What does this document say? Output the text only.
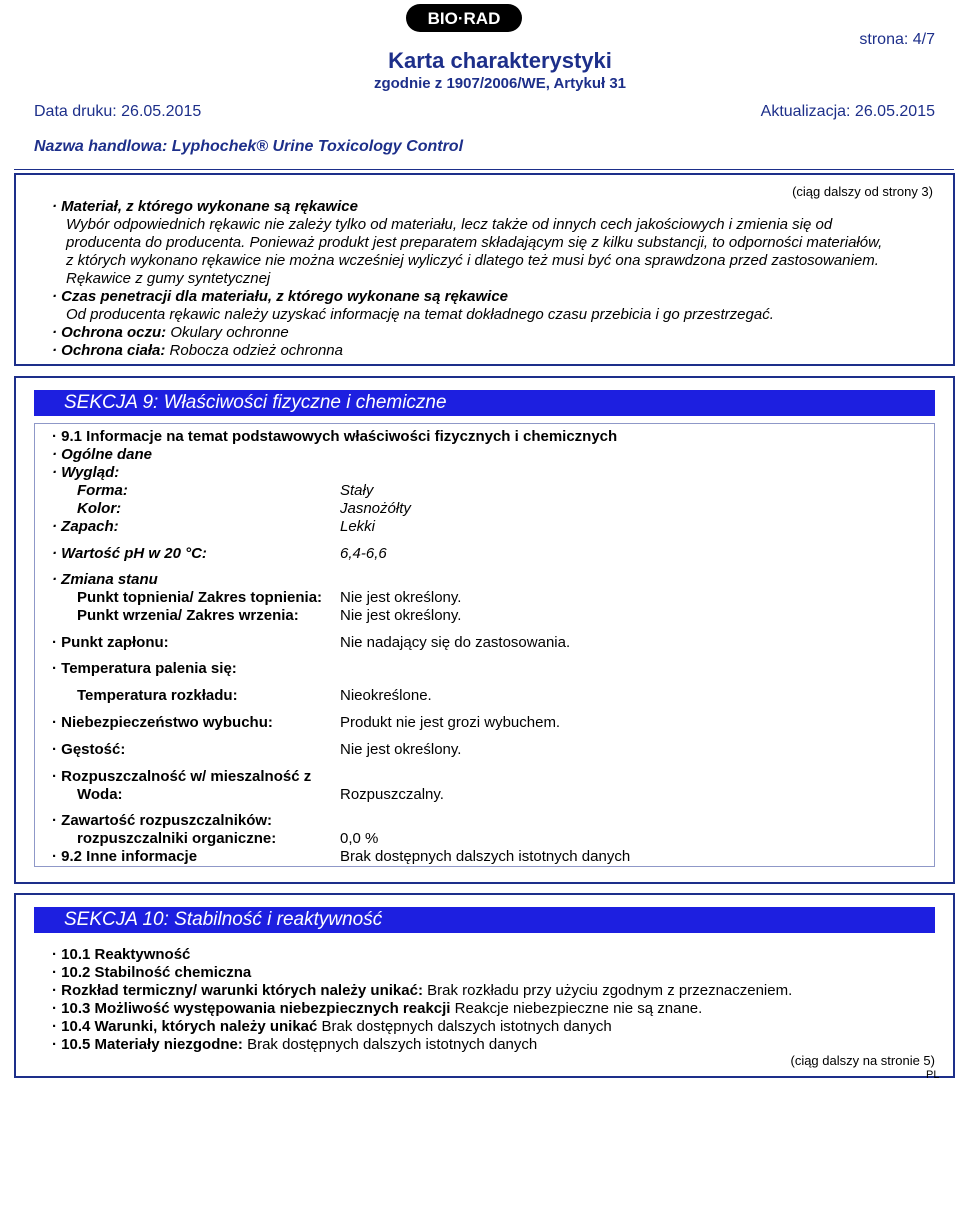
BIO·RAD
strona: 4/7
Karta charakterystyki
zgodnie z 1907/2006/WE, Artykuł 31
Data druku: 26.05.2015	Aktualizacja: 26.05.2015
Nazwa handlowa: Lyphochek® Urine Toxicology Control
(ciąg dalszy od strony 3)
· Materiał, z którego wykonane są rękawice
Wybór odpowiednich rękawic nie zależy tylko od materiału, lecz także od innych cech jakościowych i zmienia się od
producenta do producenta. Ponieważ produkt jest preparatem składającym się z kilku substancji, to odporności materiałów,
z których wykonano rękawice nie można wcześniej wyliczyć i dlatego też musi być ona sprawdzona przed zastosowaniem.
Rękawice z gumy syntetycznej
· Czas penetracji dla materiału, z którego wykonane są rękawice
Od producenta rękawic należy uzyskać informację na temat dokładnego czasu przebicia i go przestrzegać.
· Ochrona oczu: Okulary ochronne
· Ochrona ciała: Robocza odzież ochronna
SEKCJA 9: Właściwości fizyczne i chemiczne
· 9.1 Informacje na temat podstawowych właściwości fizycznych i chemicznych
· Ogólne dane
· Wygląd:
Forma:	Stały
Kolor:	Jasnożółty
· Zapach:	Lekki
· Wartość pH w 20 °C:	6,4-6,6
· Zmiana stanu
Punkt topnienia/ Zakres topnienia: Nie jest określony.
Punkt wrzenia/ Zakres wrzenia:	Nie jest określony.
· Punkt zapłonu:	Nie nadający się do zastosowania.
· Temperatura palenia się:
Temperatura rozkładu:	Nieokreślone.
· Niebezpieczeństwo wybuchu:	Produkt nie jest grozi wybuchem.
· Gęstość:	Nie jest określony.
· Rozpuszczalność w/ mieszalność z
Woda:	Rozpuszczalny.
· Zawartość rozpuszczalników:
rozpuszczalniki organiczne:	0,0 %
· 9.2 Inne informacje	Brak dostępnych dalszych istotnych danych
SEKCJA 10: Stabilność i reaktywność
· 10.1 Reaktywność
· 10.2 Stabilność chemiczna
· Rozkład termiczny/ warunki których należy unikać: Brak rozkładu przy użyciu zgodnym z przeznaczeniem.
· 10.3 Możliwość występowania niebezpiecznych reakcji Reakcje niebezpieczne nie są znane.
· 10.4 Warunki, których należy unikać Brak dostępnych dalszych istotnych danych
· 10.5 Materiały niezgodne: Brak dostępnych dalszych istotnych danych
(ciąg dalszy na stronie 5)
PL
